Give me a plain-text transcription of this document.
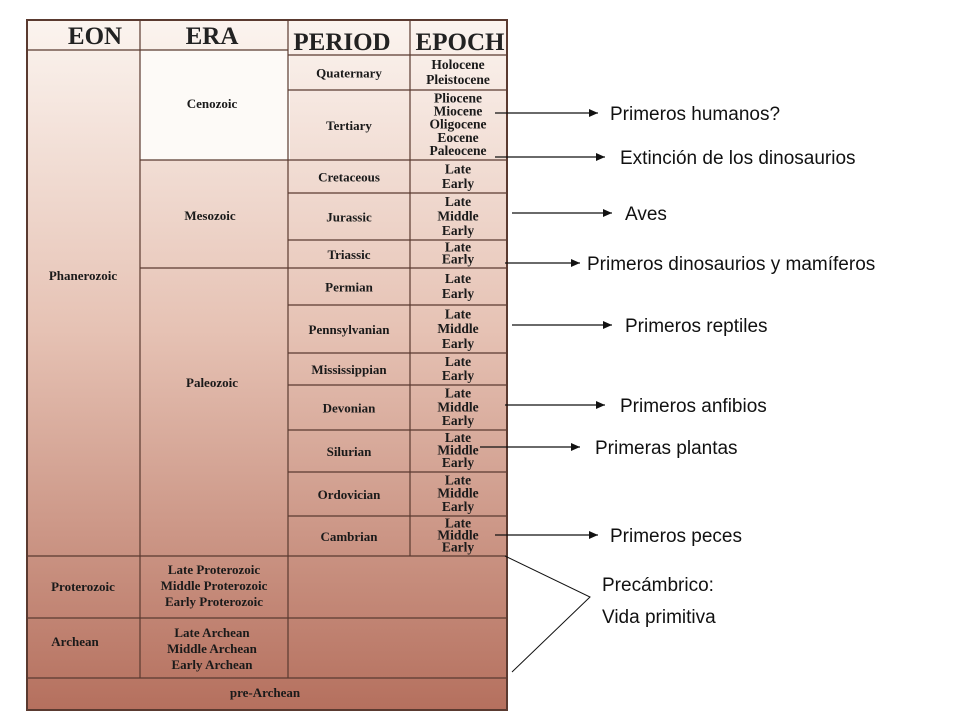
EON	ERA PERIOD EPOCH
Phanerozoic
Proterozoic
Archean
pre-Archean
Cenozoic
Mesozoic
Paleozoic
Late Proterozoic
Middle Proterozoic
Early Proterozoic
Late Archean
Middle Archean
Early Archean
Quaternary
Tertiary
Cretaceous
Jurassic
Triassic
Permian
Pennsylvanian
Mississippian
Devonian
Silurian
Ordovician
Cambrian
Holocene
Pleistocene
Pliocene
Miocene
Oligocene
Eocene
Paleocene
Late
Early
Late
Middle
Early
Late
Early
Late
Early
Late
Middle
Early
Late
Early
Late
Middle
Early
Late
Middle
Early
Late
Middle
Early
Late
Middle
Early
Primeros humanos?
Extinción de los dinosaurios
Aves
Primeros dinosaurios y mamíferos
Primeros reptiles
Primeros anfibios
Primeras plantas
Primeros peces
Precámbrico:
Vida primitiva
